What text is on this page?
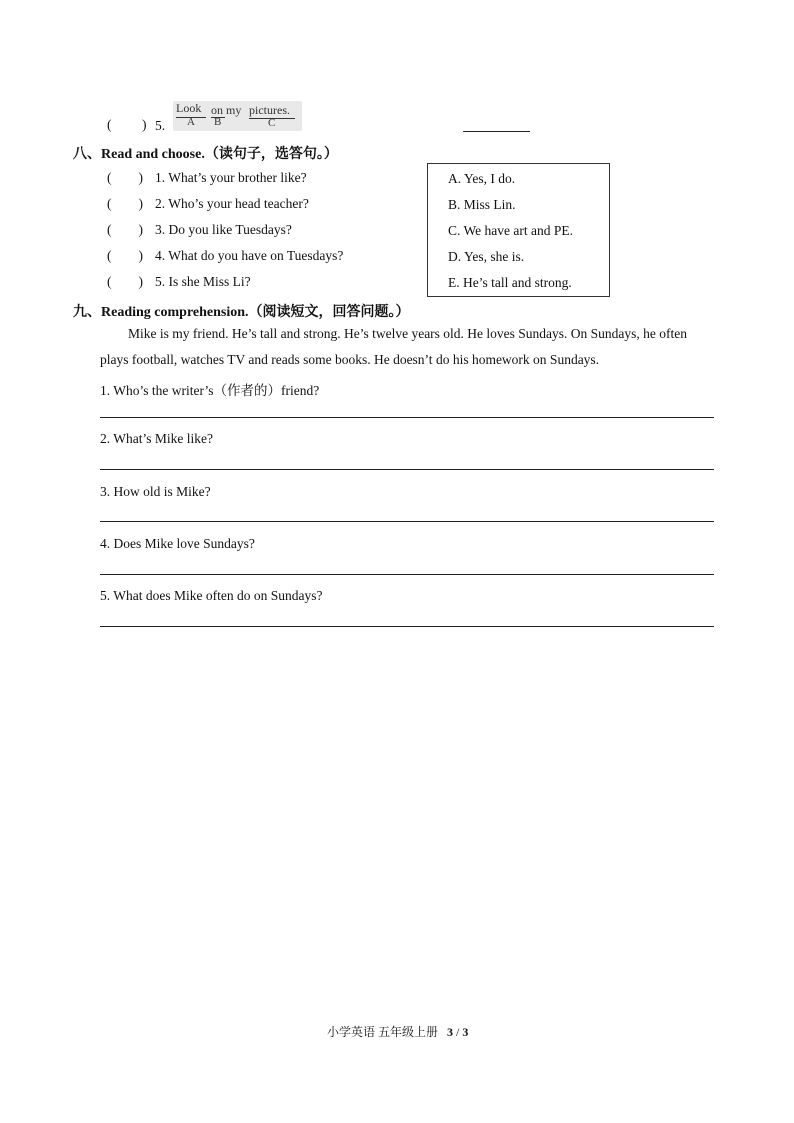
( ) 5.
Look
A
on my
B
pictures.
C
八、Read and choose.（读句子，选答句。）
(        ) 1. What’s your brother like?
(        ) 2. Who’s your head teacher?
(        ) 3. Do you like Tuesdays?
(        ) 4. What do you have on Tuesdays?
(        ) 5. Is she Miss Li?
A. Yes, I do.
B. Miss Lin.
C. We have art and PE.
D. Yes, she is.
E. He’s tall and strong.
九、Reading comprehension.（阅读短文，回答问题。）
Mike is my friend. He’s tall and strong. He’s twelve years old. He loves Sundays. On Sundays, he often
plays football, watches TV and reads some books. He doesn’t do his homework on Sundays.
1. Who’s the writer’s（作者的）friend?
2. What’s Mike like?
3. How old is Mike?
4. Does Mike love Sundays?
5. What does Mike often do on Sundays?
小学英语 五年级上册 3 / 3
